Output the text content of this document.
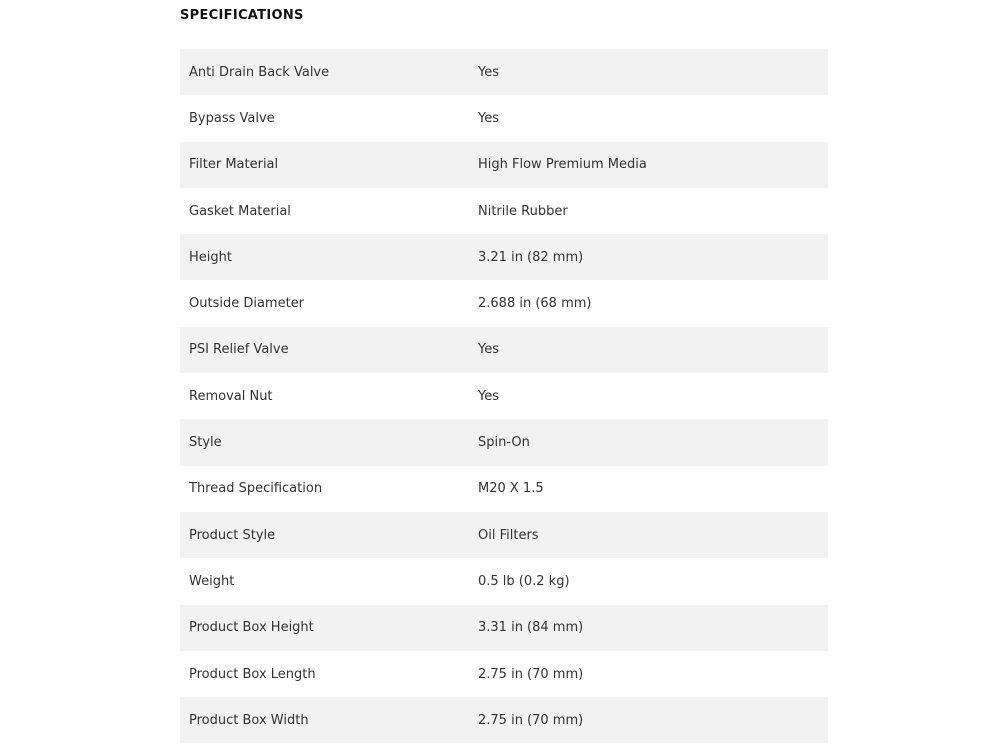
SPECIFICATIONS
Anti Drain Back Valve	Yes
Bypass Valve	Yes
Filter Material	High Flow Premium Media
Gasket Material	Nitrile Rubber
Height	3.21 in (82 mm)
Outside Diameter	2.688 in (68 mm)
PSI Relief Valve	Yes
Removal Nut	Yes
Style	Spin-On
Thread Specification	M20 X 1.5
Product Style	Oil Filters
Weight	0.5 lb (0.2 kg)
Product Box Height	3.31 in (84 mm)
Product Box Length	2.75 in (70 mm)
Product Box Width	2.75 in (70 mm)
